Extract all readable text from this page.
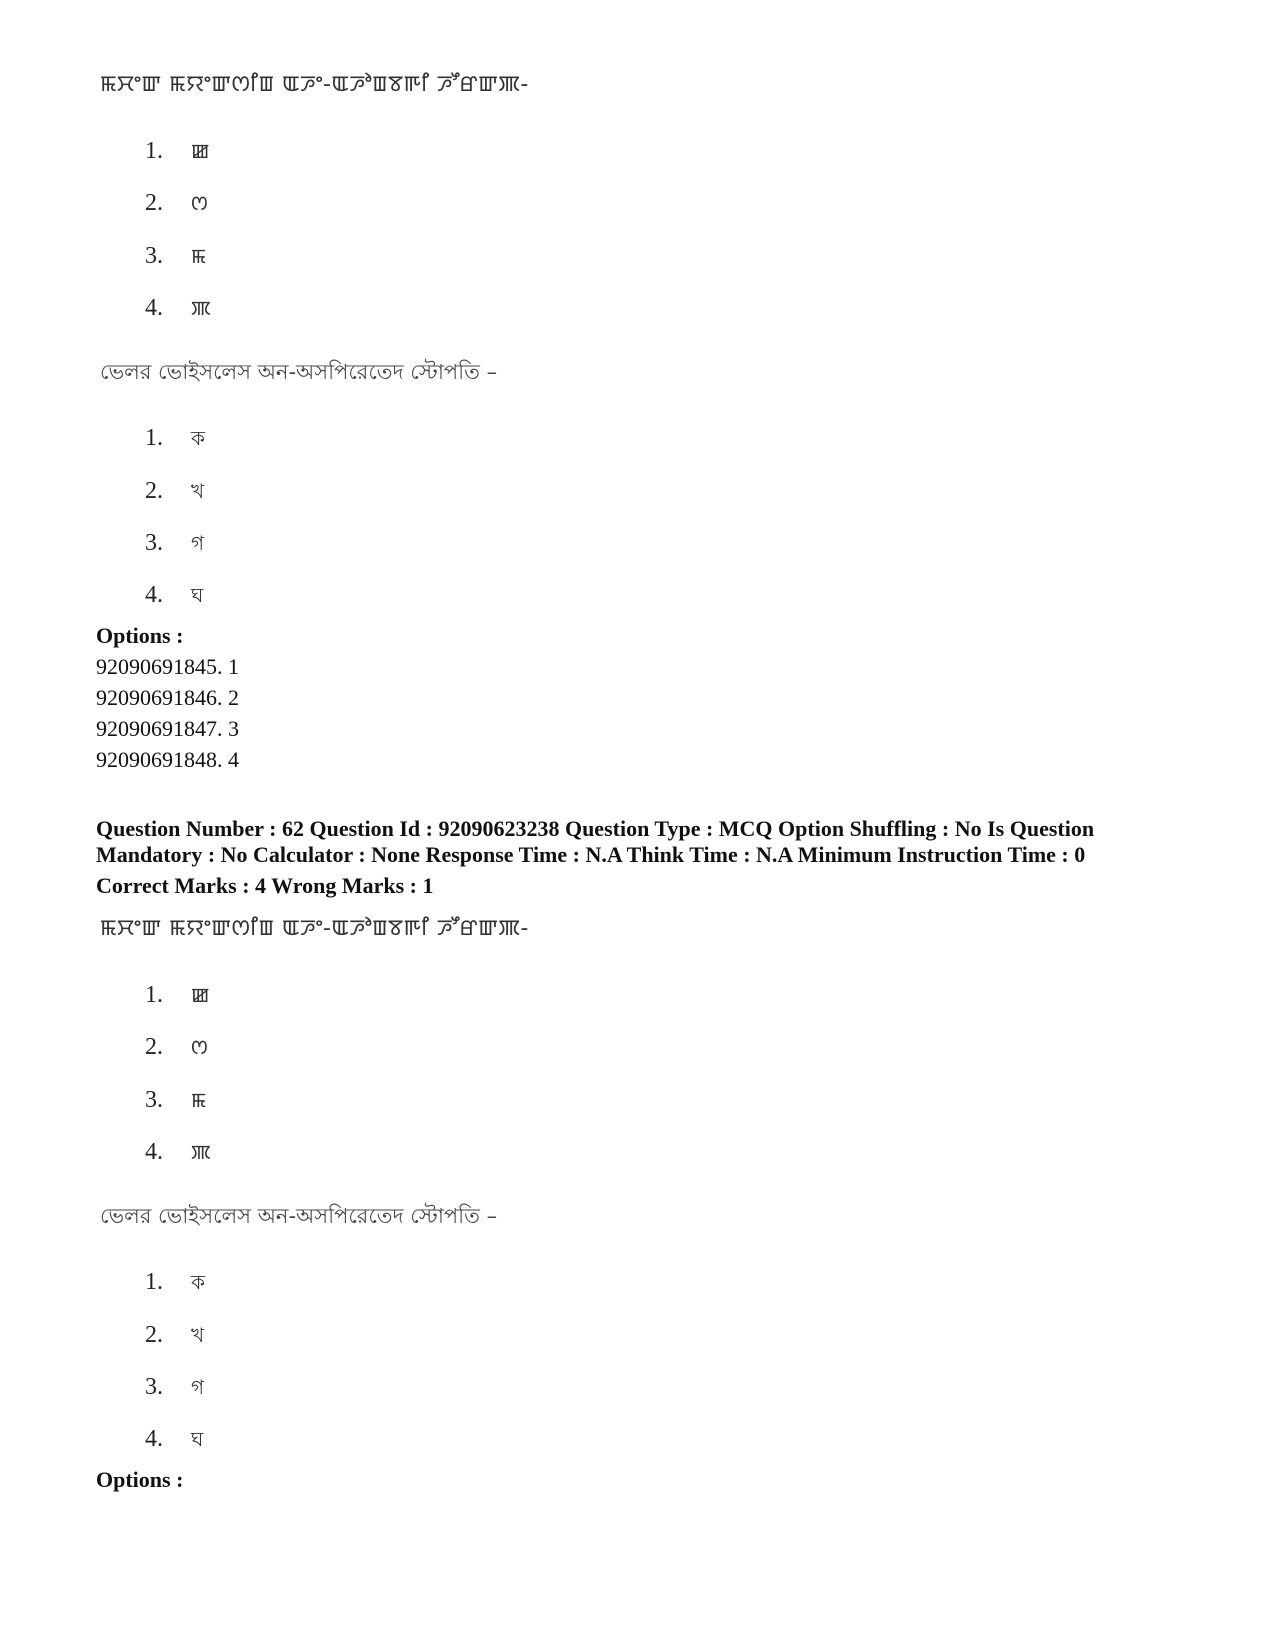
ꯃꯆꯦꯛ ꯃꯌꯦꯛꯁꯤꯡ ꯑꯍꯦ-ꯑꯍꯣꯡꯕꯒꯤ ꯍꯧꯔꯛꯄ-
1. ꯀ
2. ꯁ
3. ꯃ
4. ꯄ
ভেলর ভোইসলেস অন-অসপিরেতেদ স্টোপতি –
1. ক
2. খ
3. গ
4. ঘ
Options :
92090691845. 1
92090691846. 2
92090691847. 3
92090691848. 4
Question Number : 62 Question Id : 92090623238 Question Type : MCQ Option Shuffling : No Is Question
Mandatory : No Calculator : None Response Time : N.A Think Time : N.A Minimum Instruction Time : 0
Correct Marks : 4 Wrong Marks : 1
ꯃꯆꯦꯛ ꯃꯌꯦꯛꯁꯤꯡ ꯑꯍꯦ-ꯑꯍꯣꯡꯕꯒꯤ ꯍꯧꯔꯛꯄ-
1. ꯀ
2. ꯁ
3. ꯃ
4. ꯄ
ভেলর ভোইসলেস অন-অসপিরেতেদ স্টোপতি –
1. ক
2. খ
3. গ
4. ঘ
Options :
